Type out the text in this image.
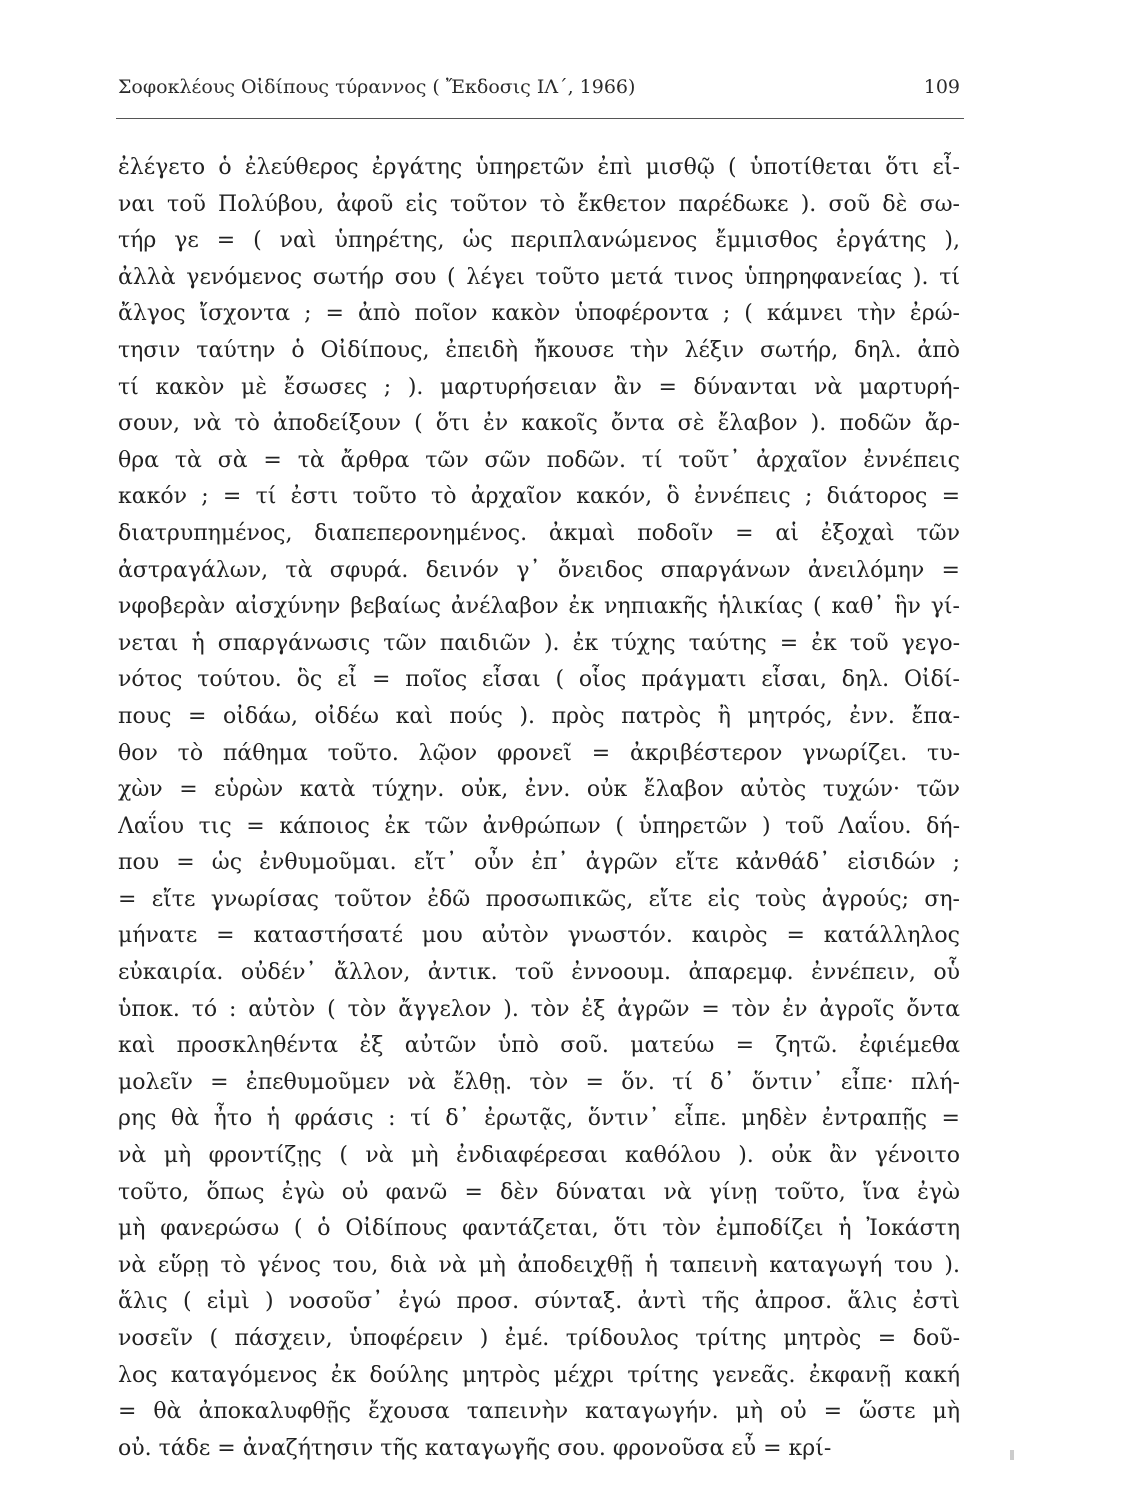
Σοφοκλέους Οἰδίπους τύραννος ( Ἔκδοσις ΙΛ΄, 1966)	109
ἐλέγετο ὁ ἐλεύθερος ἐργάτης ὑπηρετῶν ἐπὶ μισθῷ ( ὑποτίθεται ὅτι εἶ-
ναι τοῦ Πολύβου, ἀφοῦ εἰς τοῦτον τὸ ἔκθετον παρέδωκε ). σοῦ δὲ σω-
τήρ γε = ( ναὶ ὑπηρέτης, ὡς περιπλανώμενος ἔμμισθος ἐργάτης ),
ἀλλὰ γενόμενος σωτήρ σου ( λέγει τοῦτο μετά τινος ὑπηρηφανείας ). τί
ἄλγος ἴσχοντα ; = ἀπὸ ποῖον κακὸν ὑποφέροντα ; ( κάμνει τὴν ἐρώ-
τησιν ταύτην ὁ Οἰδίπους, ἐπειδὴ ἤκουσε τὴν λέξιν σωτήρ, δηλ. ἀπὸ
τί κακὸν μὲ ἔσωσες ; ). μαρτυρήσειαν ἂν = δύνανται νὰ μαρτυρή-
σουν, νὰ τὸ ἀποδείξουν ( ὅτι ἐν κακοῖς ὄντα σὲ ἔλαβον ). ποδῶν ἄρ-
θρα τὰ σὰ = τὰ ἄρθρα τῶν σῶν ποδῶν. τί τοῦτ᾿ ἀρχαῖον ἐννέπεις
κακόν ; = τί ἐστι τοῦτο τὸ ἀρχαῖον κακόν, ὃ ἐννέπεις ; διάτορος =
διατρυπημένος, διαπεπερονημένος. ἀκμαὶ ποδοῖν = αἱ ἐξοχαὶ τῶν
ἀστραγάλων, τὰ σφυρά. δεινόν γ᾿ ὄνειδος σπαργάνων ἀνειλόμην =
νφοβερὰν αἰσχύνην βεβαίως ἀνέλαβον ἐκ νηπιακῆς ἡλικίας ( καθ᾿ ἣν γί-
νεται ἡ σπαργάνωσις τῶν παιδιῶν ). ἐκ τύχης ταύτης = ἐκ τοῦ γεγο-
νότος τούτου. ὃς εἶ = ποῖος εἶσαι ( οἷος πράγματι εἶσαι, δηλ. Οἰδί-
πους = οἰδάω, οἰδέω καὶ πούς ). πρὸς πατρὸς ἢ μητρός, ἐνν. ἔπα-
θον τὸ πάθημα τοῦτο. λῷον φρονεῖ = ἀκριβέστερον γνωρίζει. τυ-
χὼν = εὑρὼν κατὰ τύχην. οὐκ, ἐνν. οὐκ ἔλαβον αὐτὸς τυχών· τῶν
Λαΐου τις = κάποιος ἐκ τῶν ἀνθρώπων ( ὑπηρετῶν ) τοῦ Λαΐου. δή-
που = ὡς ἐνθυμοῦμαι. εἴτ᾿ οὖν ἐπ᾿ ἀγρῶν εἴτε κἀνθάδ᾿ εἰσιδών ;
= εἴτε γνωρίσας τοῦτον ἐδῶ προσωπικῶς, εἴτε εἰς τοὺς ἀγρούς; ση-
μήνατε = καταστήσατέ μου αὐτὸν γνωστόν. καιρὸς = κατάλληλος
εὐκαιρία. οὐδέν᾿ ἄλλον, ἀντικ. τοῦ ἐννοουμ. ἀπαρεμφ. ἐννέπειν, οὗ
ὑποκ. τό : αὐτὸν ( τὸν ἄγγελον ). τὸν ἐξ ἀγρῶν = τὸν ἐν ἀγροῖς ὄντα
καὶ προσκληθέντα ἐξ αὐτῶν ὑπὸ σοῦ. ματεύω = ζητῶ. ἐφιέμεθα
μολεῖν = ἐπεθυμοῦμεν νὰ ἔλθῃ. τὸν = ὅν. τί δ᾿ ὅντιν᾿ εἶπε· πλή-
ρης θὰ ἦτο ἡ φράσις : τί δ᾿ ἐρωτᾷς, ὅντιν᾿ εἶπε. μηδὲν ἐντραπῇς =
νὰ μὴ φροντίζῃς ( νὰ μὴ ἐνδιαφέρεσαι καθόλου ). οὐκ ἂν γένοιτο
τοῦτο, ὅπως ἐγὼ οὐ φανῶ = δὲν δύναται νὰ γίνῃ τοῦτο, ἵνα ἐγὼ
μὴ φανερώσω ( ὁ Οἰδίπους φαντάζεται, ὅτι τὸν ἐμποδίζει ἡ Ἰοκάστη
νὰ εὕρῃ τὸ γένος του, διὰ νὰ μὴ ἀποδειχθῇ ἡ ταπεινὴ καταγωγή του ).
ἅλις ( εἰμὶ ) νοσοῦσ᾿ ἐγώ προσ. σύνταξ. ἀντὶ τῆς ἀπροσ. ἅλις ἐστὶ
νοσεῖν ( πάσχειν, ὑποφέρειν ) ἐμέ. τρίδουλος τρίτης μητρὸς = δοῦ-
λος καταγόμενος ἐκ δούλης μητρὸς μέχρι τρίτης γενεᾶς. ἐκφανῇ κακή
= θὰ ἀποκαλυφθῇς ἔχουσα ταπεινὴν καταγωγήν. μὴ οὐ = ὥστε μὴ
οὐ. τάδε = ἀναζήτησιν τῆς καταγωγῆς σου. φρονοῦσα εὖ = κρί-
